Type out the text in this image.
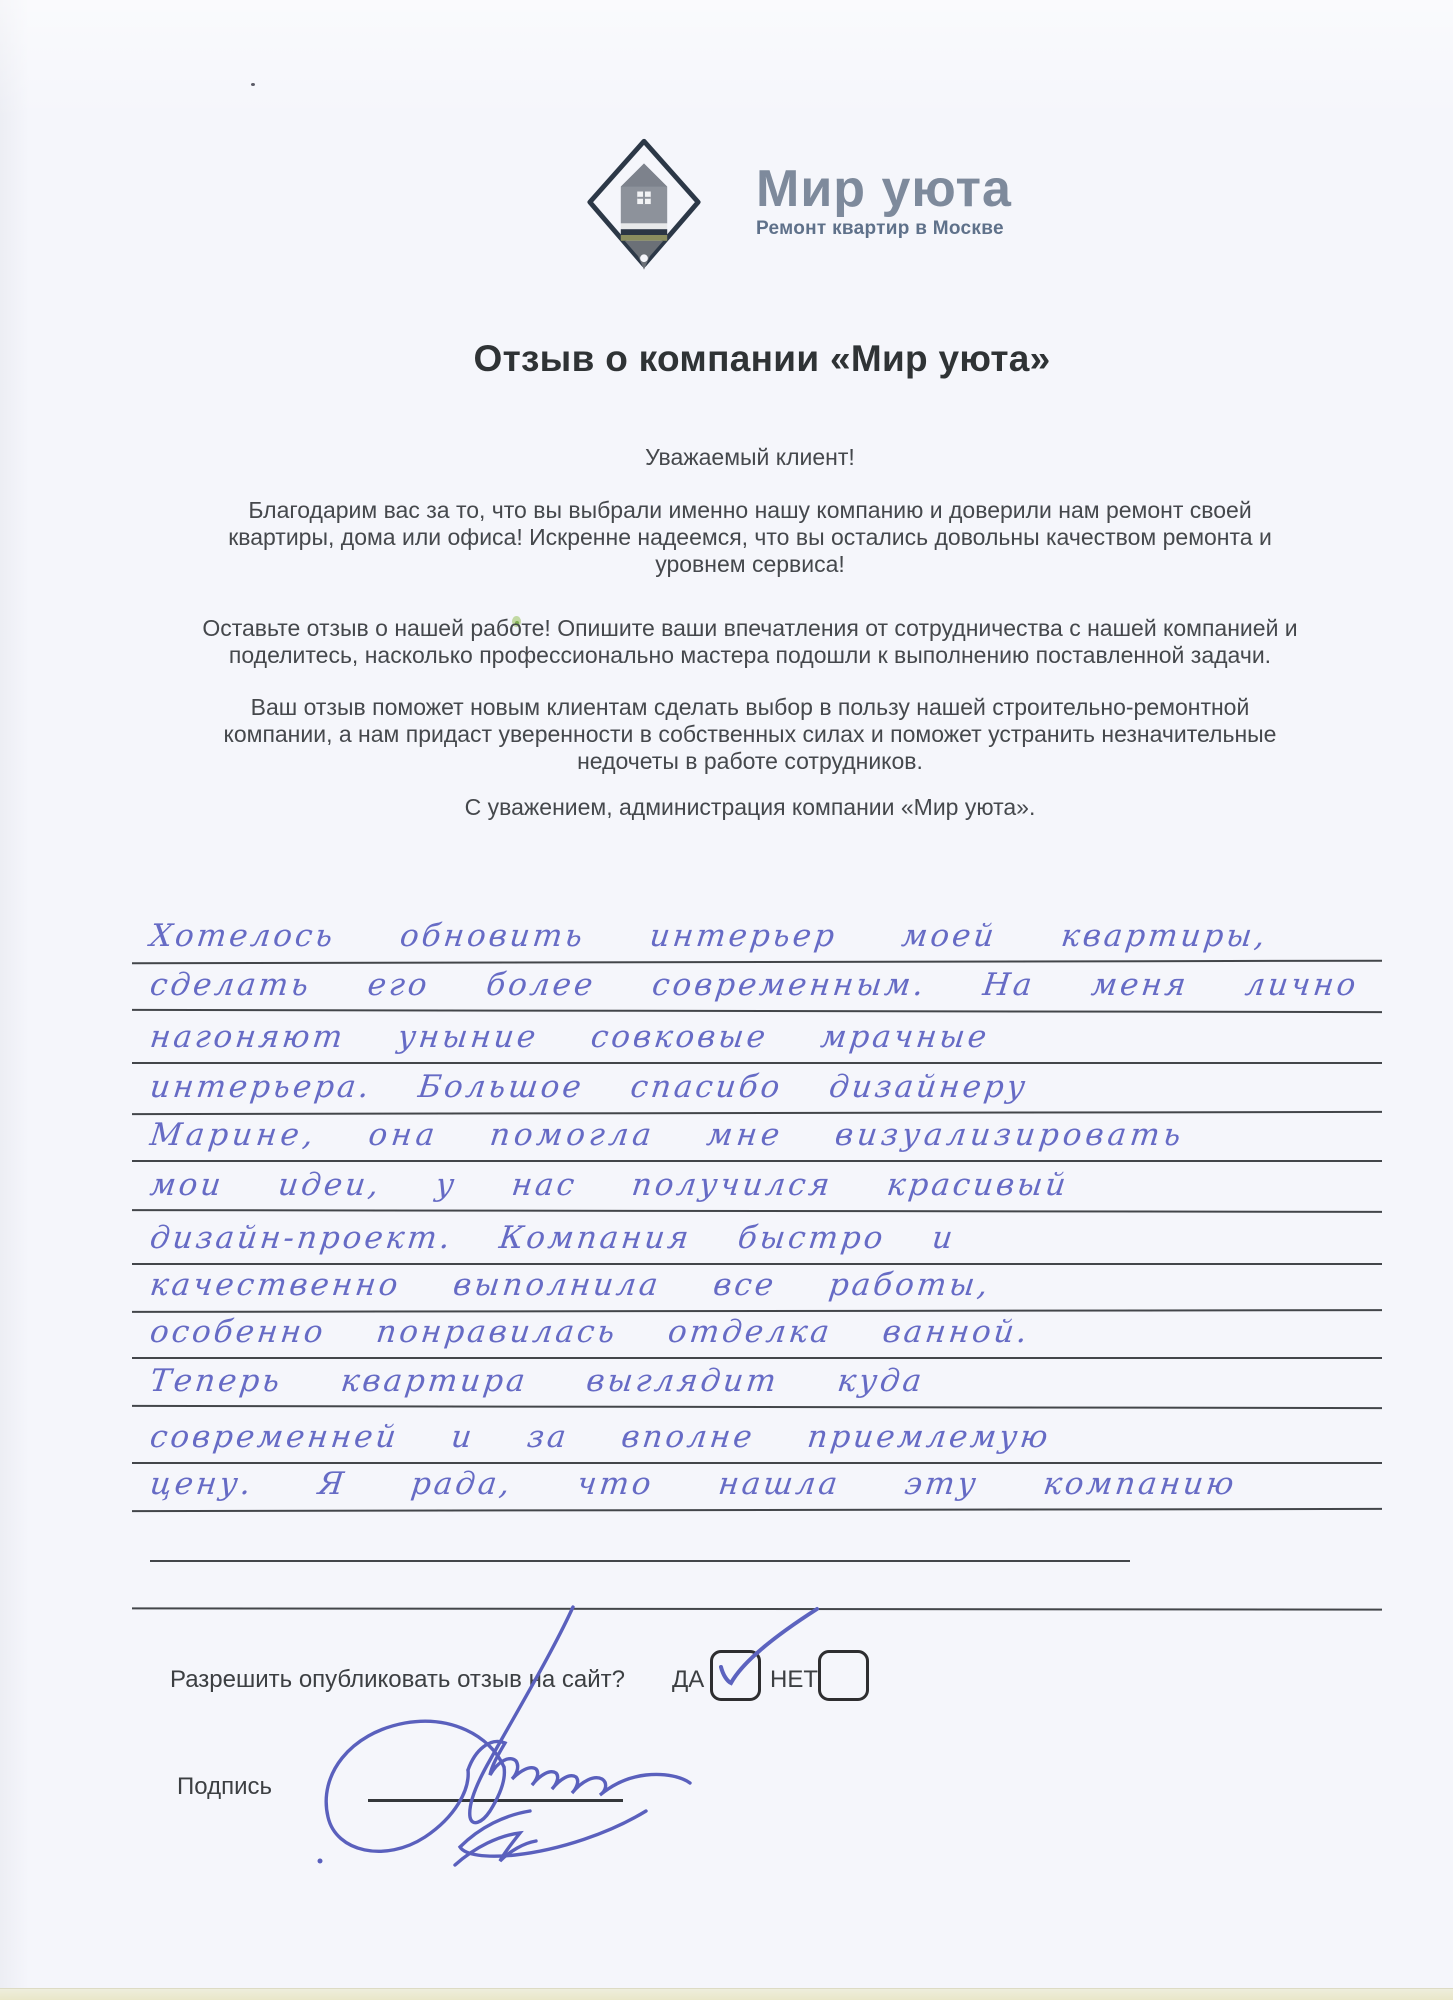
Мир уюта
Ремонт квартир в Москве
Отзыв о компании «Мир уюта»
Уважаемый клиент!
Благодарим вас за то, что вы выбрали именно нашу компанию и доверили нам ремонт своей
квартиры, дома или офиса! Искренне надеемся, что вы остались довольны качеством ремонта и
уровнем сервиса!
Оставьте отзыв о нашей работе! Опишите ваши впечатления от сотрудничества с нашей компанией и
поделитесь, насколько профессионально мастера подошли к выполнению поставленной задачи.
Ваш отзыв поможет новым клиентам сделать выбор в пользу нашей строительно-ремонтной
компании, а нам придаст уверенности в собственных силах и поможет устранить незначительные
недочеты в работе сотрудников.
С уважением, администрация компании «Мир уюта».
Хотелось обновить интерьер моей квартиры,
сделать его более современным. На меня лично
нагоняют уныние совковые мрачные
интерьера. Большое спасибо дизайнеру
Марине, она помогла мне визуализировать
мои идеи, у нас получился красивый
дизайн-проект. Компания быстро и
качественно выполнила все работы,
особенно понравилась отделка ванной.
Теперь квартира выглядит куда
современней и за вполне приемлемую
цену. Я рада, что нашла эту компанию
Разрешить опубликовать отзыв на сайт? ДА	НЕТ
Подпись
